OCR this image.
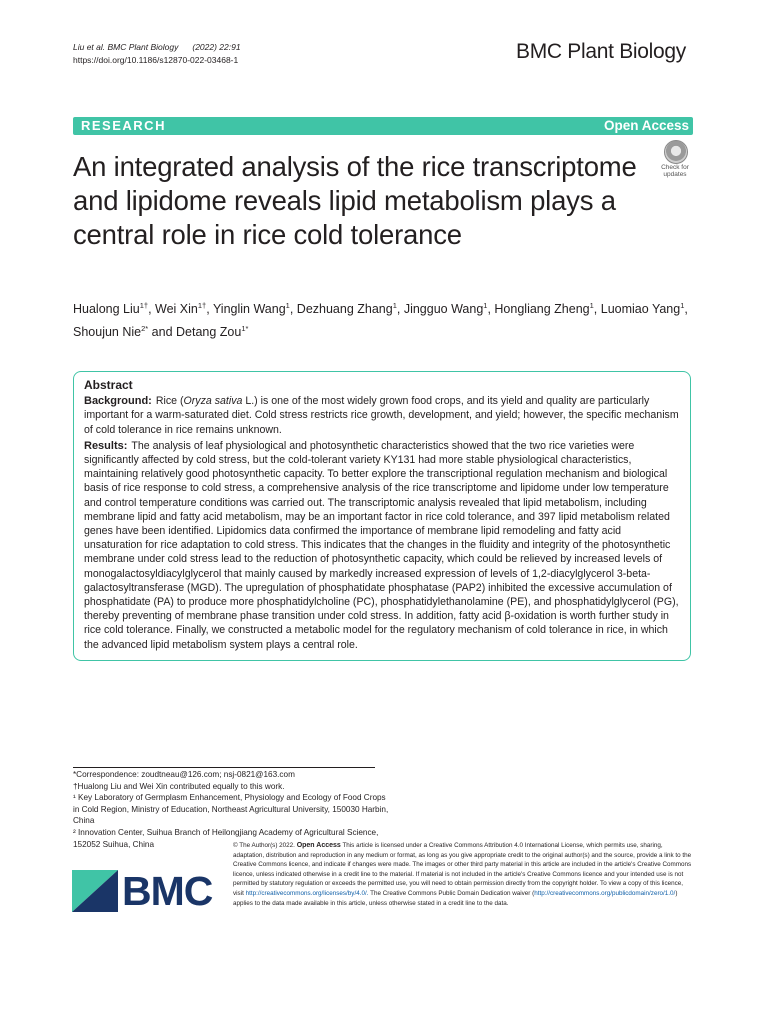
Liu et al. BMC Plant Biology (2022) 22:91
https://doi.org/10.1186/s12870-022-03468-1	BMC Plant Biology
RESEARCH	Open Access
An integrated analysis of the rice transcriptome and lipidome reveals lipid metabolism plays a central role in rice cold tolerance
Check for
updates
Hualong Liu$^{1\dagger}$, Wei Xin$^{1\dagger}$, Yinglin Wang$^1$, Dezhuang Zhang$^1$, Jingguo Wang$^1$, Hongliang Zheng$^1$, Luomiao Yang$^1$, Shoujun Nie$^{2*}$ and Detang Zou$^{1*}$
Abstract

Background: Rice (Oryza sativa L.) is one of the most widely grown food crops, and its yield and quality are particularly important for a warm-saturated diet. Cold stress restricts rice growth, development, and yield; however, the specific mechanism of cold tolerance in rice remains unknown.

Results: The analysis of leaf physiological and photosynthetic characteristics showed that the two rice varieties were significantly affected by cold stress, but the cold-tolerant variety KY131 had more stable physiological characteristics, maintaining relatively good photosynthetic capacity. To better explore the transcriptional regulation mechanism and biological basis of rice response to cold stress, a comprehensive analysis of the rice transcriptome and lipidome under low temperature and control temperature conditions was carried out. The transcriptomic analysis revealed that lipid metabolism, including membrane lipid and fatty acid metabolism, may be an important factor in rice cold tolerance, and 397 lipid metabolism related genes have been identified. Lipidomics data confirmed the importance of membrane lipid remodeling and fatty acid unsaturation for rice adaptation to cold stress. This indicates that the changes in the fluidity and integrity of the photosynthetic membrane under cold stress lead to the reduction of photosynthetic capacity, which could be relieved by increased levels of monogalactosyldiacylglycerol that mainly caused by markedly increased expression of levels of 1,2-diacylglycerol 3-beta-galactosyltransferase (MGD). The upregulation of phosphatidate phosphatase (PAP2) inhibited the excessive accumulation of phosphatidate (PA) to produce more phosphatidylcholine (PC), phosphatidylethanolamine (PE), and phosphatidylglycerol (PG), thereby preventing of membrane phase transition under cold stress. In addition, fatty acid β-oxidation is worth further study in rice cold tolerance. Finally, we constructed a metabolic model for the regulatory mechanism of cold tolerance in rice, in which the advanced lipid metabolism system plays a central role.

*Correspondence: zoudtneau@126.com; nsj-0821@163.com

†Hualong Liu and Wei Xin contributed equally to this work.

¹ Key Laboratory of Germplasm Enhancement, Physiology and Ecology of Food Crops in Cold Region, Ministry of Education, Northeast Agricultural University, 150030 Harbin, China

² Innovation Center, Suihua Branch of Heilongjiang Academy of Agricultural Science, 152052 Suihua, China

BMC
© The Author(s) 2022. Open Access This article is licensed under a Creative Commons Attribution 4.0 International License, which permits use, sharing, adaptation, distribution and reproduction in any medium or format, as long as you give appropriate credit to the original author(s) and the source, provide a link to the Creative Commons licence, and indicate if changes were made. The images or other third party material in this article are included in the article's Creative Commons licence, unless indicated otherwise in a credit line to the material. If material is not included in the article's Creative Commons licence and your intended use is not permitted by statutory regulation or exceeds the permitted use, you will need to obtain permission directly from the copyright holder. To view a copy of this licence, visit http://creativecommons.org/licenses/by/4.0/. The Creative Commons Public Domain Dedication waiver (http://creativecommons.org/publicdomain/zero/1.0/) applies to the data made available in this article, unless otherwise stated in a credit line to the data.
